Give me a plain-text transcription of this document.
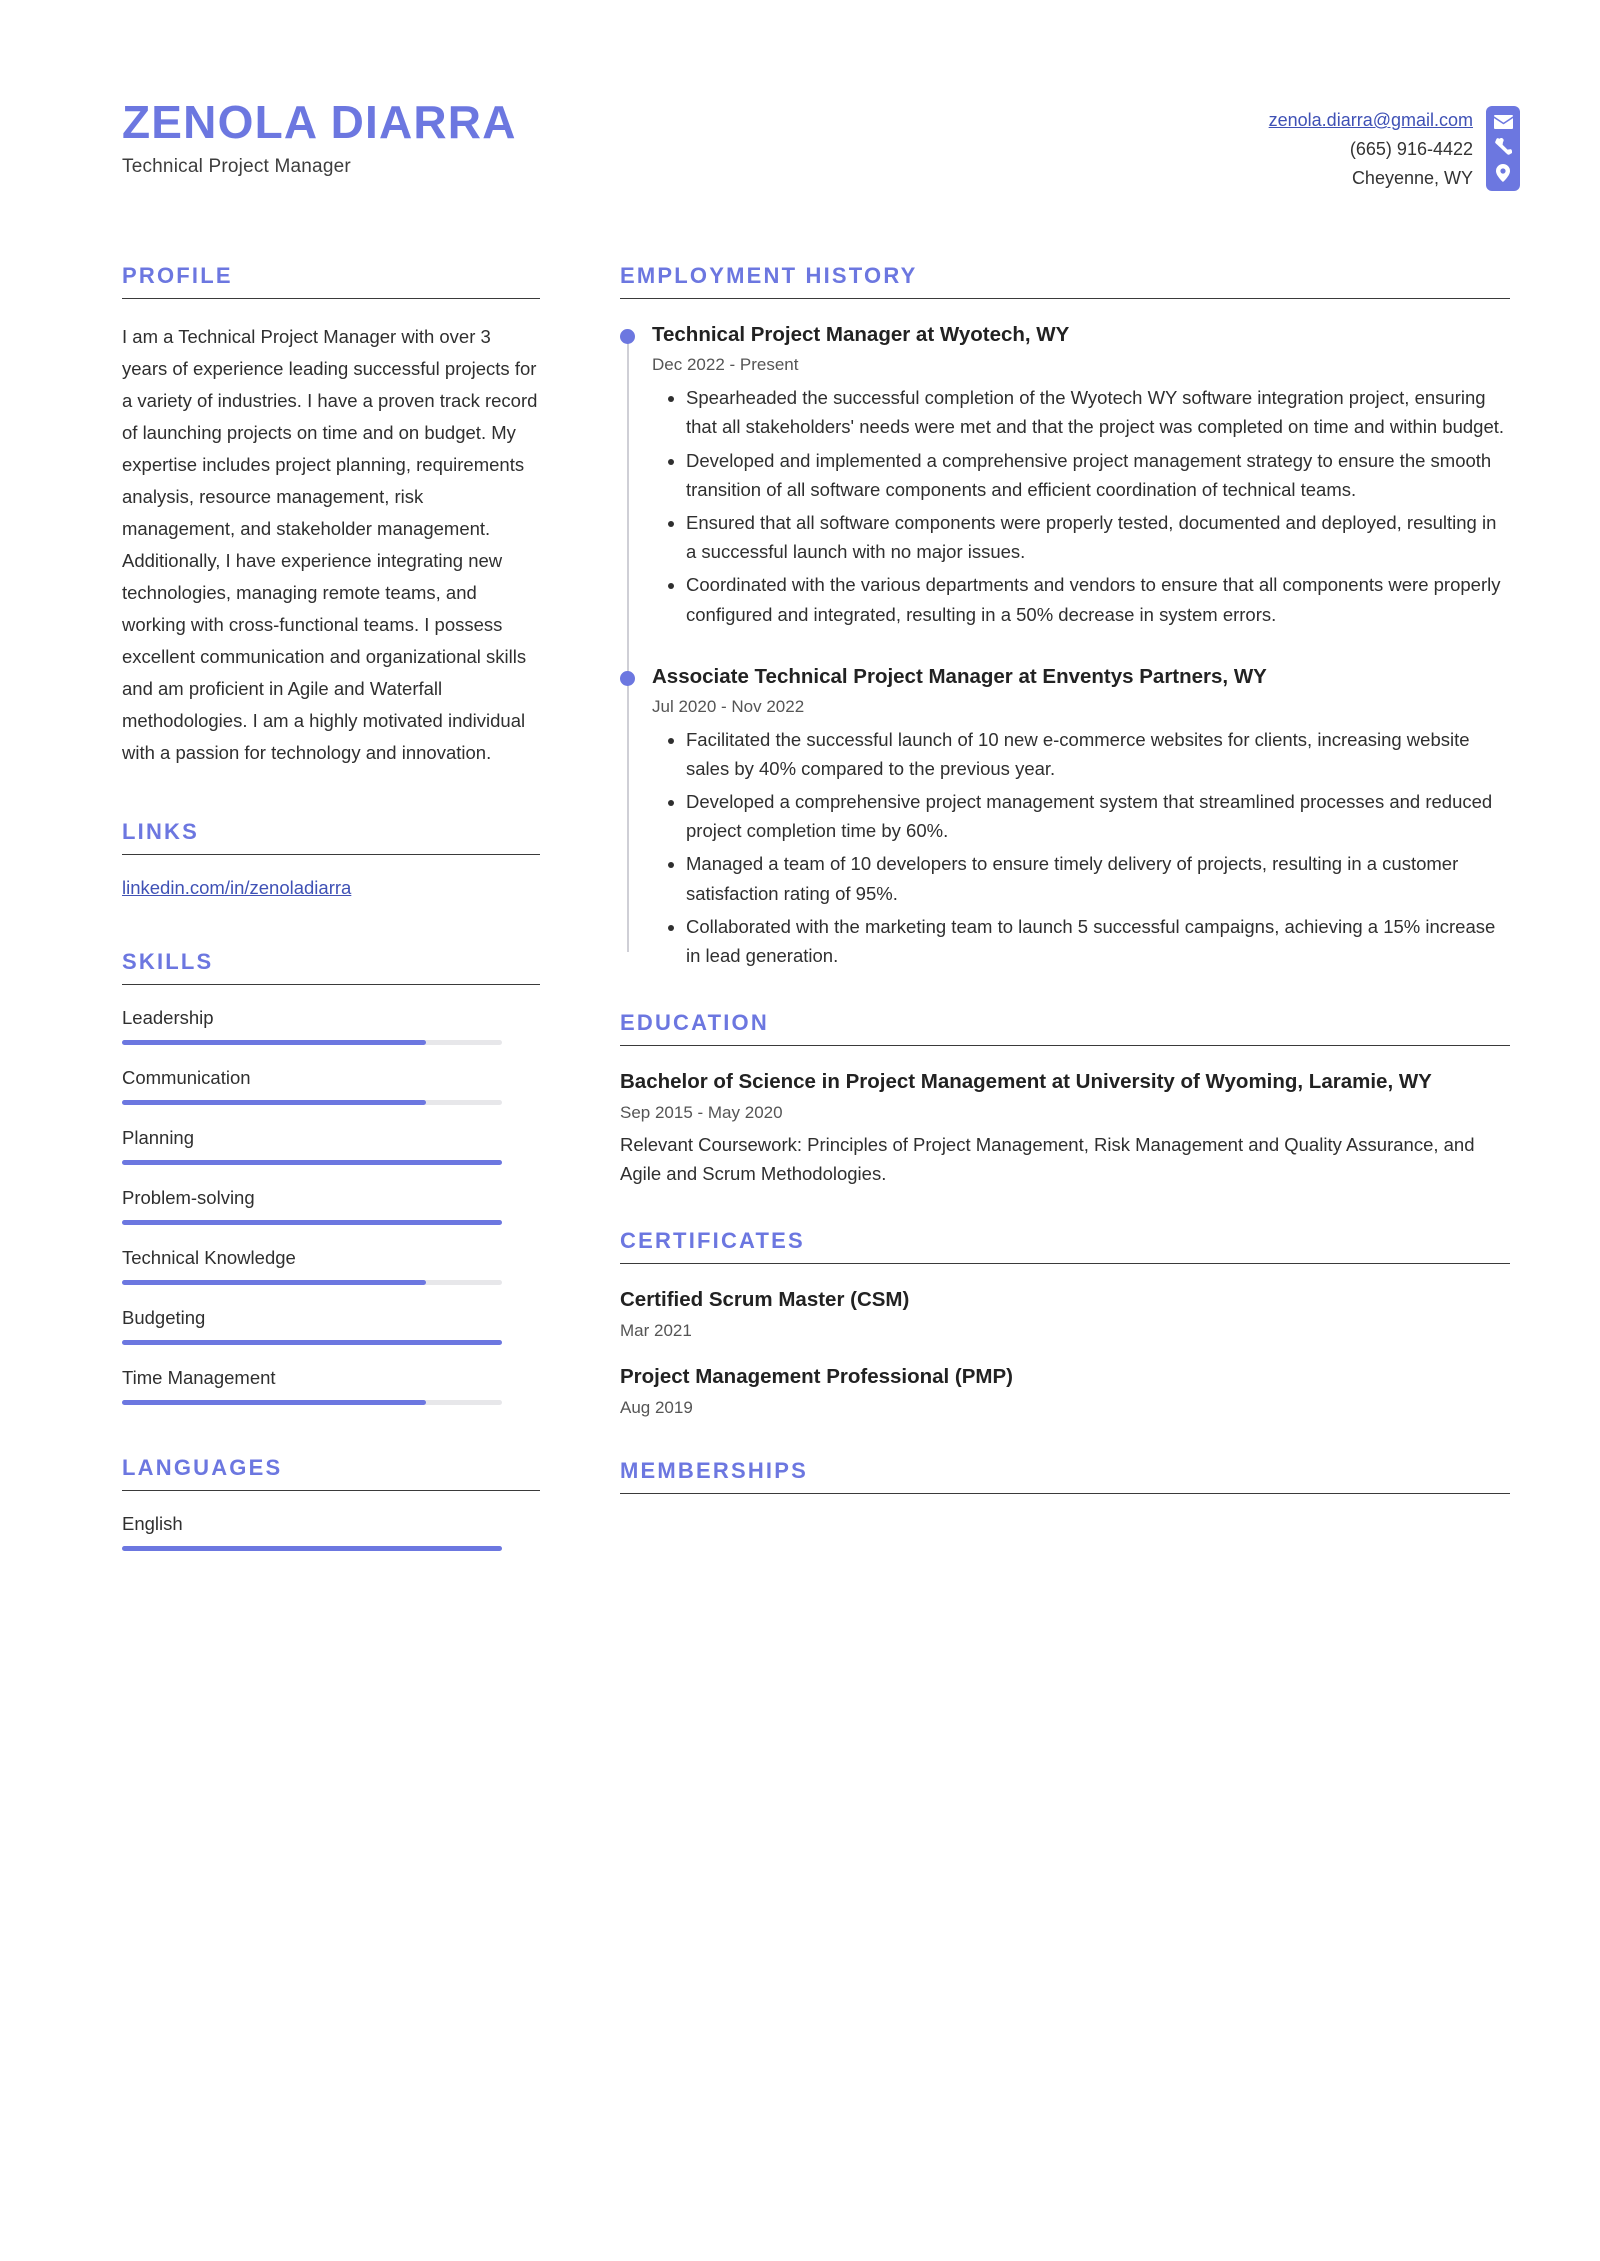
ZENOLA DIARRA
Technical Project Manager
zenola.diarra@gmail.com
(665) 916-4422
Cheyenne, WY
PROFILE
I am a Technical Project Manager with over 3 years of experience leading successful projects for a variety of industries. I have a proven track record of launching projects on time and on budget. My expertise includes project planning, requirements analysis, resource management, risk management, and stakeholder management. Additionally, I have experience integrating new technologies, managing remote teams, and working with cross-functional teams. I possess excellent communication and organizational skills and am proficient in Agile and Waterfall methodologies. I am a highly motivated individual with a passion for technology and innovation.
LINKS
linkedin.com/in/zenoladiarra
SKILLS
Leadership
Communication
Planning
Problem-solving
Technical Knowledge
Budgeting
Time Management
LANGUAGES
English
EMPLOYMENT HISTORY
Technical Project Manager at Wyotech, WY
Dec 2022 - Present
• Spearheaded the successful completion of the Wyotech WY software integration project, ensuring that all stakeholders' needs were met and that the project was completed on time and within budget.
• Developed and implemented a comprehensive project management strategy to ensure the smooth transition of all software components and efficient coordination of technical teams.
• Ensured that all software components were properly tested, documented and deployed, resulting in a successful launch with no major issues.
• Coordinated with the various departments and vendors to ensure that all components were properly configured and integrated, resulting in a 50% decrease in system errors.
Associate Technical Project Manager at Enventys Partners, WY
Jul 2020 - Nov 2022
• Facilitated the successful launch of 10 new e-commerce websites for clients, increasing website sales by 40% compared to the previous year.
• Developed a comprehensive project management system that streamlined processes and reduced project completion time by 60%.
• Managed a team of 10 developers to ensure timely delivery of projects, resulting in a customer satisfaction rating of 95%.
• Collaborated with the marketing team to launch 5 successful campaigns, achieving a 15% increase in lead generation.
EDUCATION
Bachelor of Science in Project Management at University of Wyoming, Laramie, WY
Sep 2015 - May 2020
Relevant Coursework: Principles of Project Management, Risk Management and Quality Assurance, and Agile and Scrum Methodologies.
CERTIFICATES
Certified Scrum Master (CSM)
Mar 2021
Project Management Professional (PMP)
Aug 2019
MEMBERSHIPS
